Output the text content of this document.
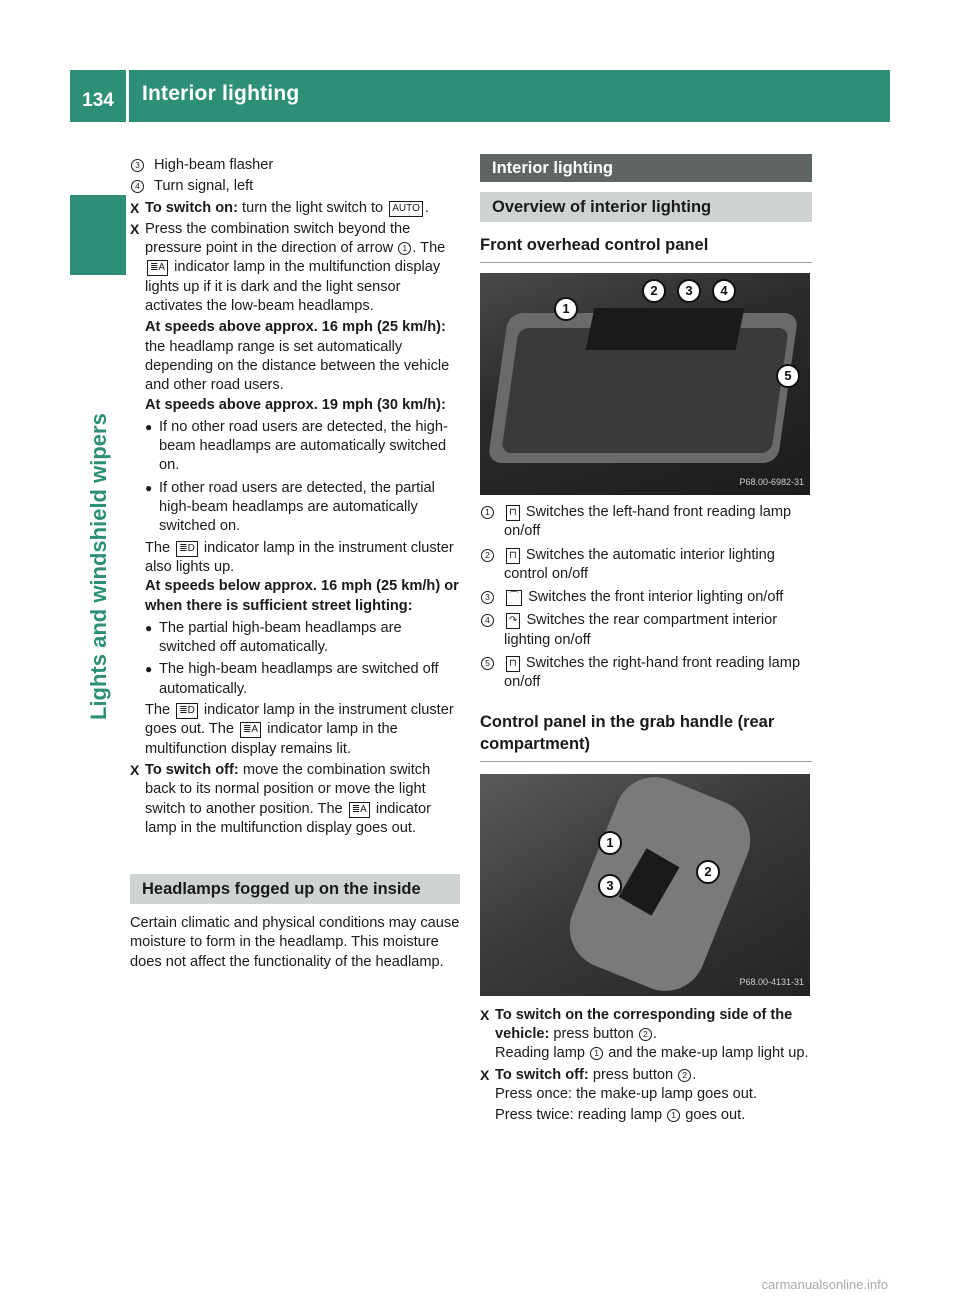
134	Interior lighting
Lights and windshield wipers
3 High-beam flasher
4 Turn signal, left
X To switch on: turn the light switch to AUTO .
X Press the combination switch beyond the pressure point in the direction of arrow 1 . The ≣A indicator lamp in the multifunction display lights up if it is dark and the light sensor activates the low-beam headlamps.

At speeds above approx. 16 mph (25 km/h): the headlamp range is set automatically depending on the distance between the vehicle and other road users.

At speeds above approx. 19 mph (30 km/h):

● If no other road users are detected, the high-beam headlamps are automatically switched on.
● If other road users are detected, the partial high-beam headlamps are automatically switched on.

The ≣D indicator lamp in the instrument cluster also lights up.

At speeds below approx. 16 mph (25 km/h) or when there is sufficient street lighting:

● The partial high-beam headlamps are switched off automatically.
● The high-beam headlamps are switched off automatically.

The ≣D indicator lamp in the instrument cluster goes out. The ≣A indicator lamp in the multifunction display remains lit.

X To switch off: move the combination switch back to its normal position or move the light switch to another position. The ≣A indicator lamp in the multifunction display goes out.
Headlamps fogged up on the inside

Certain climatic and physical conditions may cause moisture to form in the headlamp. This moisture does not affect the functionality of the headlamp.

Interior lighting
Overview of interior lighting
Front overhead control panel
1
2	3	4
5
P68.00-6982-31
1	⊓ Switches the left-hand front reading lamp on/off
2	⊓ Switches the automatic interior lighting control on/off
3	⌒ Switches the front interior lighting on/off
4	↷ Switches the rear compartment interior lighting on/off
5	⊓ Switches the right-hand front reading lamp on/off
Control panel in the grab handle (rear compartment)
1
2
3
P68.00-4131-31
X To switch on the corresponding side of the vehicle: press button 2 .

Reading lamp 1 and the make-up lamp light up.

X To switch off: press button 2 .

Press once: the make-up lamp goes out.

Press twice: reading lamp 1 goes out.

carmanualsonline.info
